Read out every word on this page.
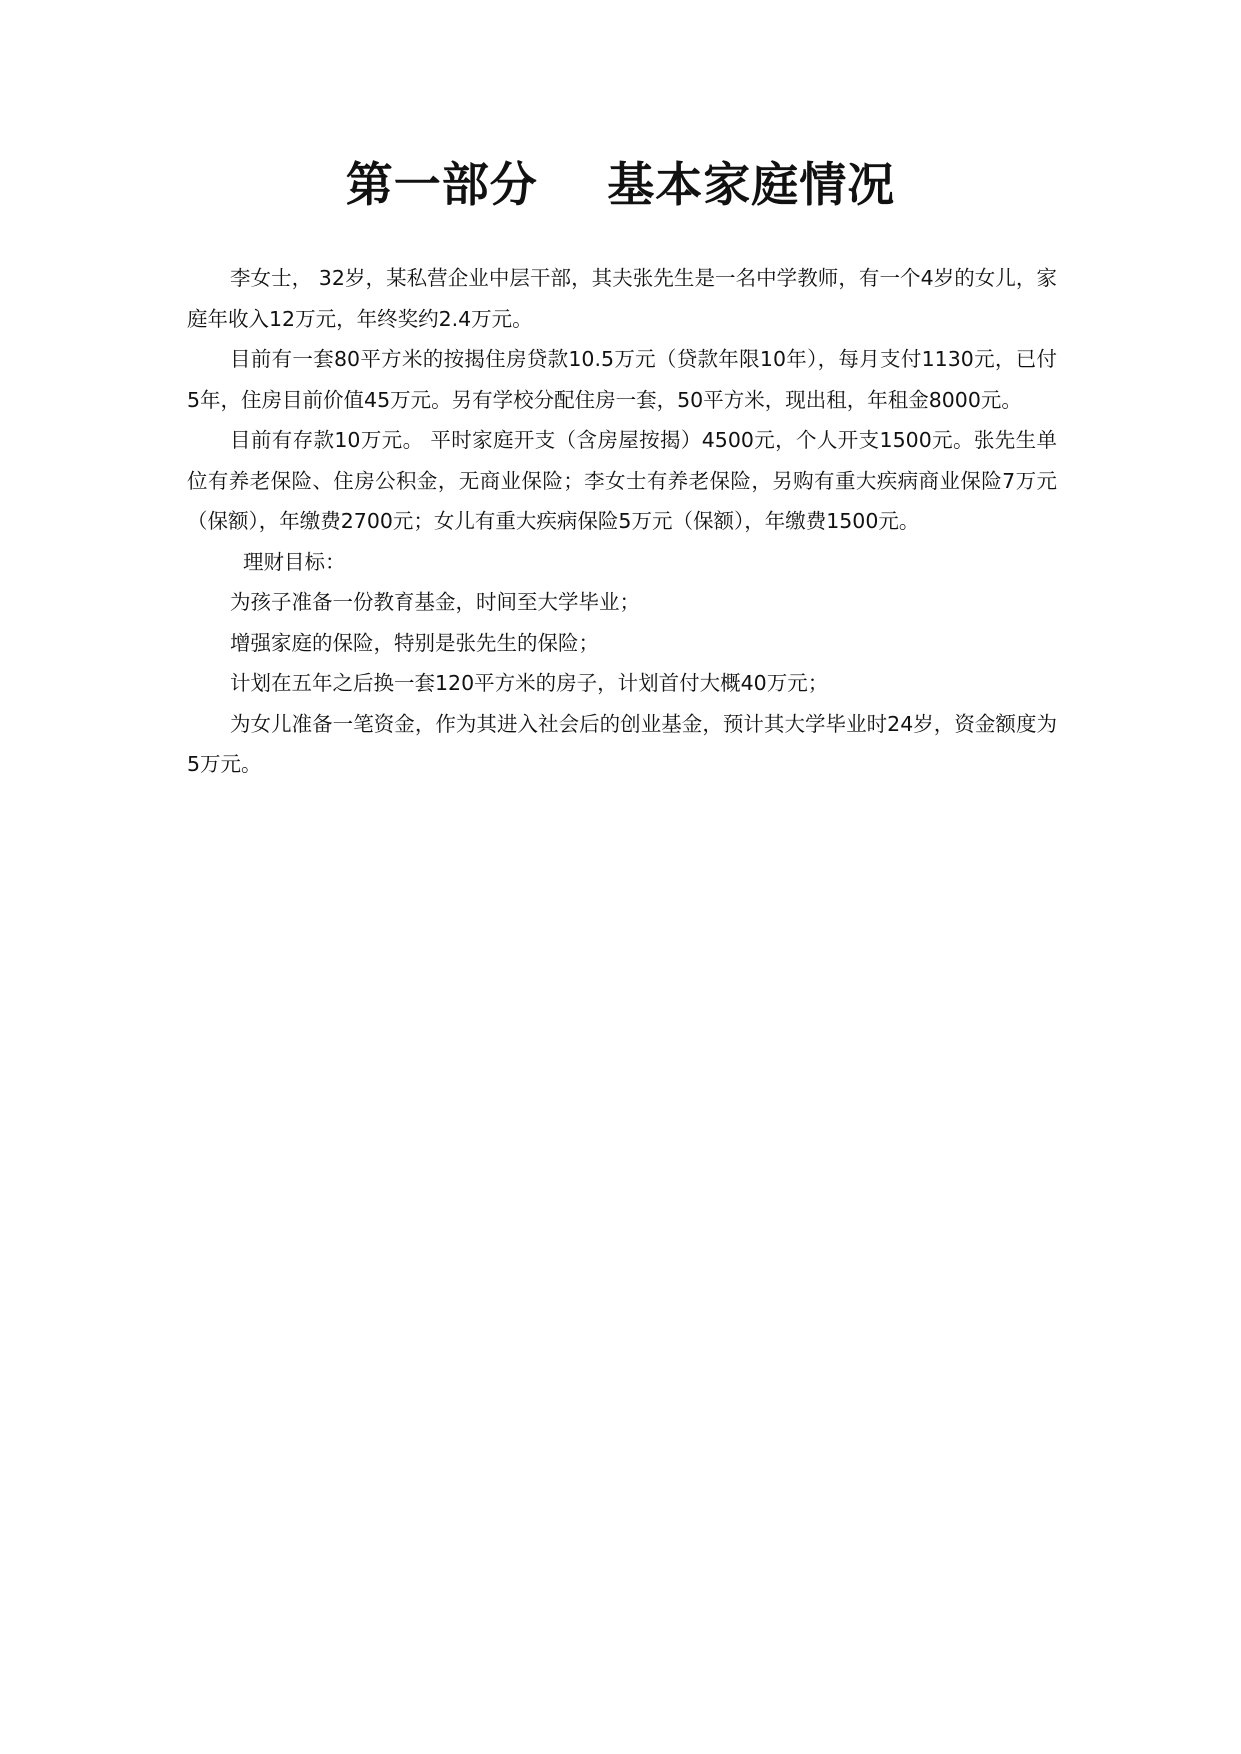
第一部分    基本家庭情况

李女士， 32岁，某私营企业中层干部，其夫张先生是一名中学教师，有一个4岁的女儿，家庭年收入12万元，年终奖约2.4万元。

目前有一套80平方米的按揭住房贷款10.5万元（贷款年限10年），每月支付1130元，已付5年，住房目前价值45万元。另有学校分配住房一套，50平方米，现出租，年租金8000元。

目前有存款10万元。 平时家庭开支（含房屋按揭）4500元，个人开支1500元。张先生单位有养老保险、住房公积金，无商业保险；李女士有养老保险，另购有重大疾病商业保险7万元（保额），年缴费2700元；女儿有重大疾病保险5万元（保额），年缴费1500元。

理财目标：

为孩子准备一份教育基金，时间至大学毕业；

增强家庭的保险，特别是张先生的保险；

计划在五年之后换一套120平方米的房子，计划首付大概40万元；

为女儿准备一笔资金，作为其进入社会后的创业基金，预计其大学毕业时24岁，资金额度为5万元。
